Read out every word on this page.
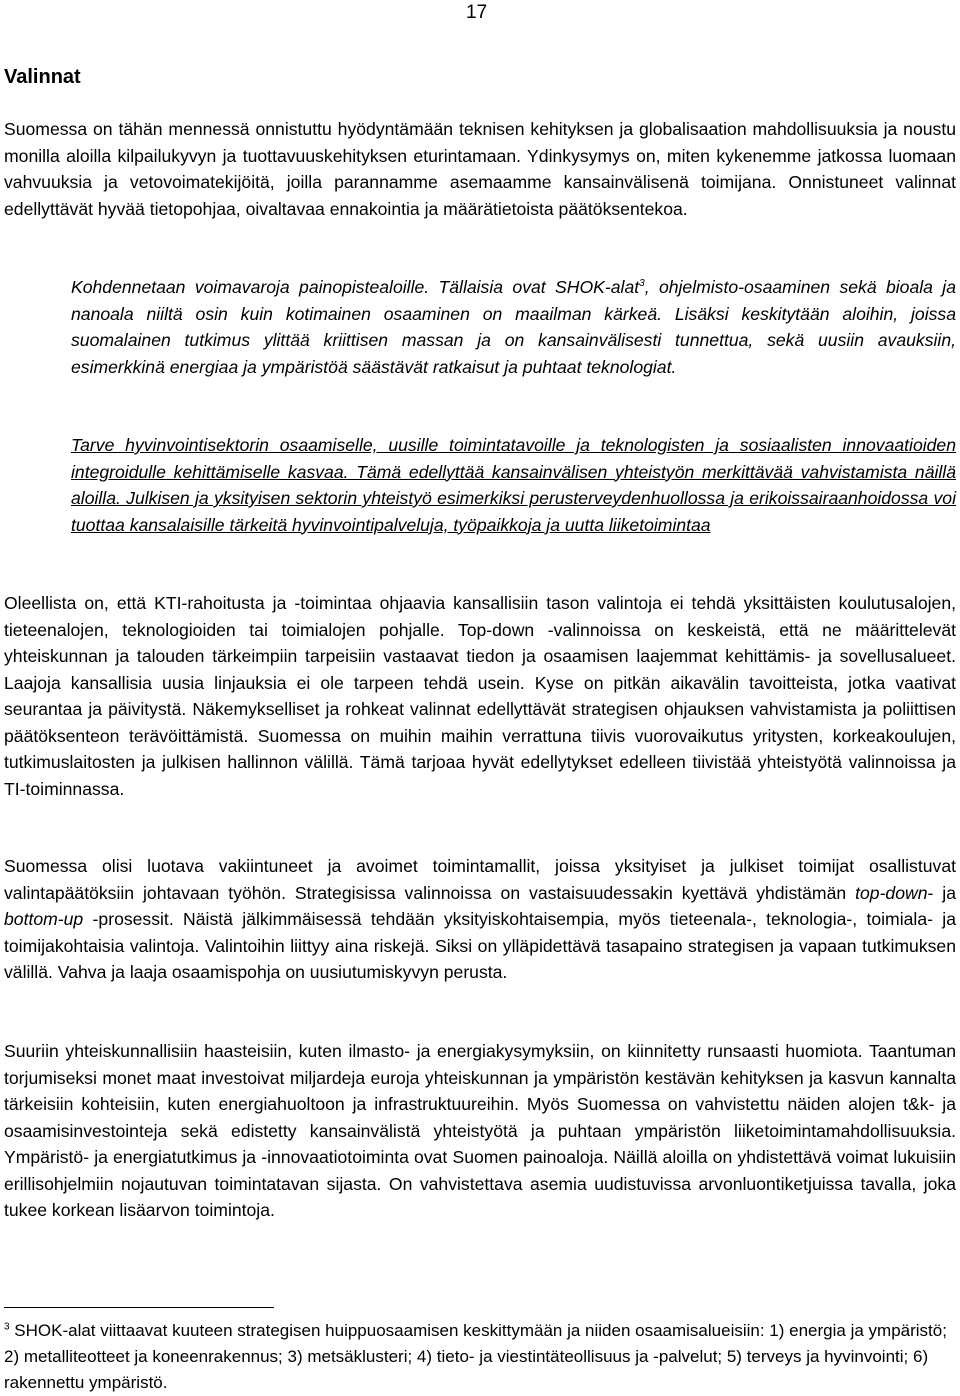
17
Valinnat
Suomessa on tähän mennessä onnistuttu hyödyntämään teknisen kehityksen ja globalisaation mahdollisuuksia ja noustu monilla aloilla kilpailukyvyn ja tuottavuuskehityksen eturintamaan. Ydinkysymys on, miten kykenemme jatkossa luomaan vahvuuksia ja vetovoimatekijöitä, joilla parannamme asemaamme kansainvälisenä toimijana. Onnistuneet valinnat edellyttävät hyvää tietopohjaa, oivaltavaa ennakointia ja määrätietoista päätöksentekoa.
Kohdennetaan voimavaroja painopistealoille. Tällaisia ovat SHOK-alat$^3$, ohjelmisto-osaaminen sekä bioala ja nanoala niiltä osin kuin kotimainen osaaminen on maailman kärkeä. Lisäksi keskitytään aloihin, joissa suomalainen tutkimus ylittää kriittisen massan ja on kansainvälisesti tunnettua, sekä uusiin avauksiin, esimerkkinä energiaa ja ympäristöä säästävät ratkaisut ja puhtaat teknologiat.
Tarve hyvinvointisektorin osaamiselle, uusille toimintatavoille ja teknologisten ja sosiaalisten innovaatioiden integroidulle kehittämiselle kasvaa. Tämä edellyttää kansainvälisen yhteistyön merkittävää vahvistamista näillä aloilla. Julkisen ja yksityisen sektorin yhteistyö esimerkiksi perusterveydenhuollossa ja erikoissairaanhoidossa voi tuottaa kansalaisille tärkeitä hyvinvointipalveluja, työpaikkoja ja uutta liiketoimintaa
Oleellista on, että KTI-rahoitusta ja -toimintaa ohjaavia kansallisiin tason valintoja ei tehdä yksittäisten koulutusalojen, tieteenalojen, teknologioiden tai toimialojen pohjalle. Top-down -valinnoissa on keskeistä, että ne määrittelevät yhteiskunnan ja talouden tärkeimpiin tarpeisiin vastaavat tiedon ja osaamisen laajemmat kehittämis- ja sovellusalueet. Laajoja kansallisia uusia linjauksia ei ole tarpeen tehdä usein. Kyse on pitkän aikavälin tavoitteista, jotka vaativat seurantaa ja päivitystä. Näkemykselliset ja rohkeat valinnat edellyttävät strategisen ohjauksen vahvistamista ja poliittisen päätöksenteon terävöittämistä. Suomessa on muihin maihin verrattuna tiivis vuorovaikutus yritysten, korkeakoulujen, tutkimuslaitosten ja julkisen hallinnon välillä. Tämä tarjoaa hyvät edellytykset edelleen tiivistää yhteistyötä valinnoissa ja TI-toiminnassa.
Suomessa olisi luotava vakiintuneet ja avoimet toimintamallit, joissa yksityiset ja julkiset toimijat osallistuvat valintapäätöksiin johtavaan työhön. Strategisissa valinnoissa on vastaisuudessakin kyettävä yhdistämän top-down- ja bottom-up -prosessit. Näistä jälkimmäisessä tehdään yksityiskohtaisempia, myös tieteenala-, teknologia-, toimiala- ja toimijakohtaisia valintoja. Valintoihin liittyy aina riskejä. Siksi on ylläpidettävä tasapaino strategisen ja vapaan tutkimuksen välillä. Vahva ja laaja osaamispohja on uusiutumiskyvyn perusta.
Suuriin yhteiskunnallisiin haasteisiin, kuten ilmasto- ja energiakysymyksiin, on kiinnitetty runsaasti huomiota. Taantuman torjumiseksi monet maat investoivat miljardeja euroja yhteiskunnan ja ympäristön kestävän kehityksen ja kasvun kannalta tärkeisiin kohteisiin, kuten energiahuoltoon ja infrastruktuureihin. Myös Suomessa on vahvistettu näiden alojen t&k- ja osaamisinvestointeja sekä edistetty kansainvälistä yhteistyötä ja puhtaan ympäristön liiketoimintamahdollisuuksia. Ympäristö- ja energiatutkimus ja -innovaatiotoiminta ovat Suomen painoaloja. Näillä aloilla on yhdistettävä voimat lukuisiin erillisohjelmiin nojautuvan toimintatavan sijasta. On vahvistettava asemia uudistuvissa arvonluontiketjuissa tavalla, joka tukee korkean lisäarvon toimintoja.
$^3$ SHOK-alat viittaavat kuuteen strategisen huippuosaamisen keskittymään ja niiden osaamisalueisiin: 1) energia ja ympäristö; 2) metalliteotteet ja koneenrakennus; 3) metsäklusteri; 4) tieto- ja viestintäteollisuus ja -palvelut; 5) terveys ja hyvinvointi; 6) rakennettu ympäristö.
